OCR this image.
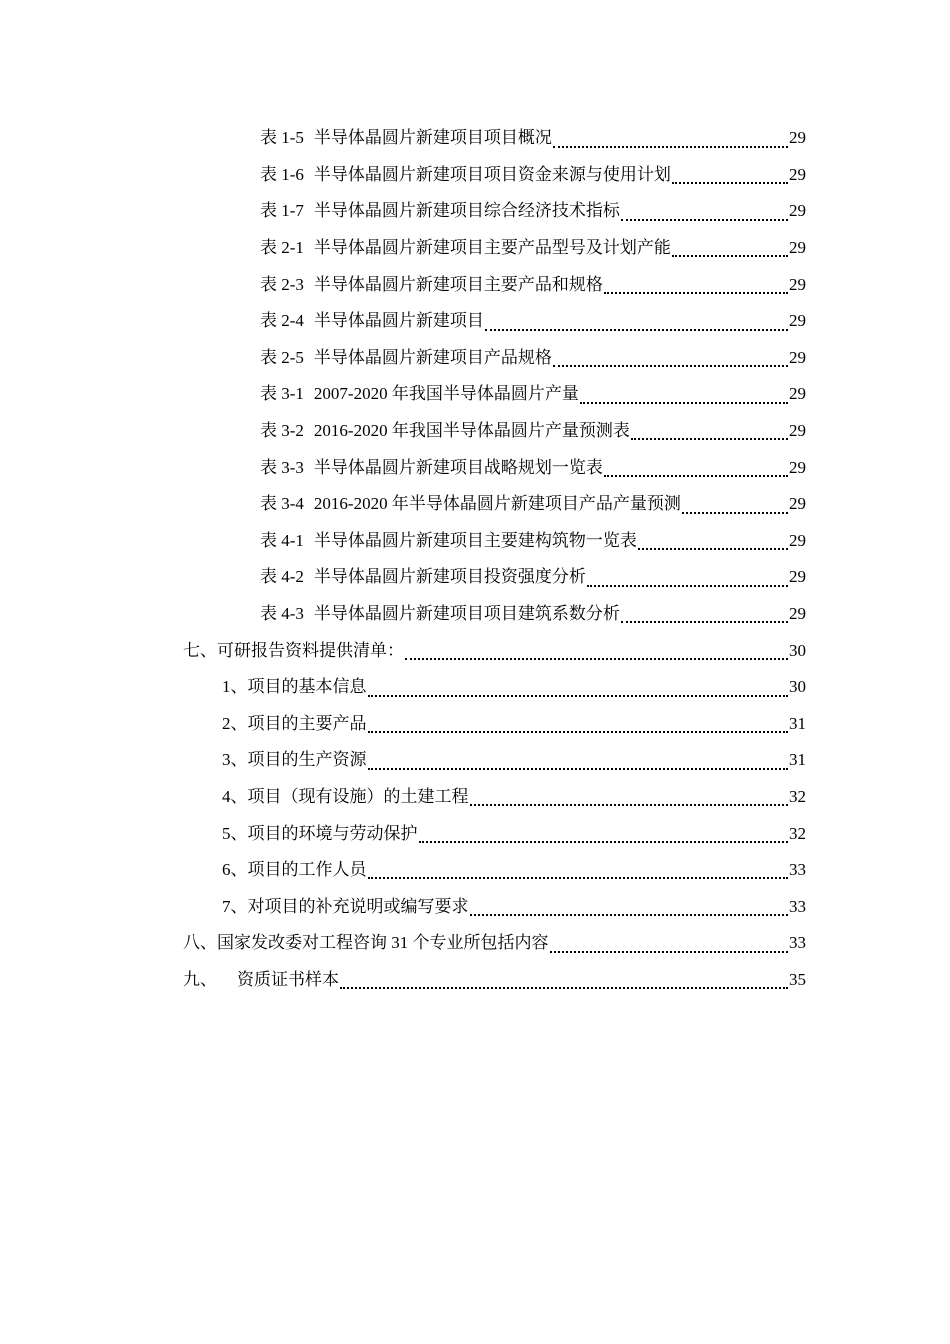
表 1-5 半导体晶圆片新建项目项目概况	29
表 1-6 半导体晶圆片新建项目项目资金来源与使用计划	29
表 1-7 半导体晶圆片新建项目综合经济技术指标	29
表 2-1 半导体晶圆片新建项目主要产品型号及计划产能	29
表 2-3 半导体晶圆片新建项目主要产品和规格	29
表 2-4 半导体晶圆片新建项目	29
表 2-5 半导体晶圆片新建项目产品规格	29
表 3-1 2007-2020 年我国半导体晶圆片产量	29
表 3-2 2016-2020 年我国半导体晶圆片产量预测表	29
表 3-3 半导体晶圆片新建项目战略规划一览表	29
表 3-4 2016-2020 年半导体晶圆片新建项目产品产量预测	29
表 4-1 半导体晶圆片新建项目主要建构筑物一览表	29
表 4-2 半导体晶圆片新建项目投资强度分析	29
表 4-3 半导体晶圆片新建项目项目建筑系数分析	29
七、可研报告资料提供清单：	30
1、项目的基本信息	30
2、项目的主要产品	31
3、项目的生产资源	31
4、项目（现有设施）的土建工程	32
5、项目的环境与劳动保护	32
6、项目的工作人员	33
7、对项目的补充说明或编写要求	33
八、国家发改委对工程咨询 31 个专业所包括内容	33
九、 资质证书样本	35
